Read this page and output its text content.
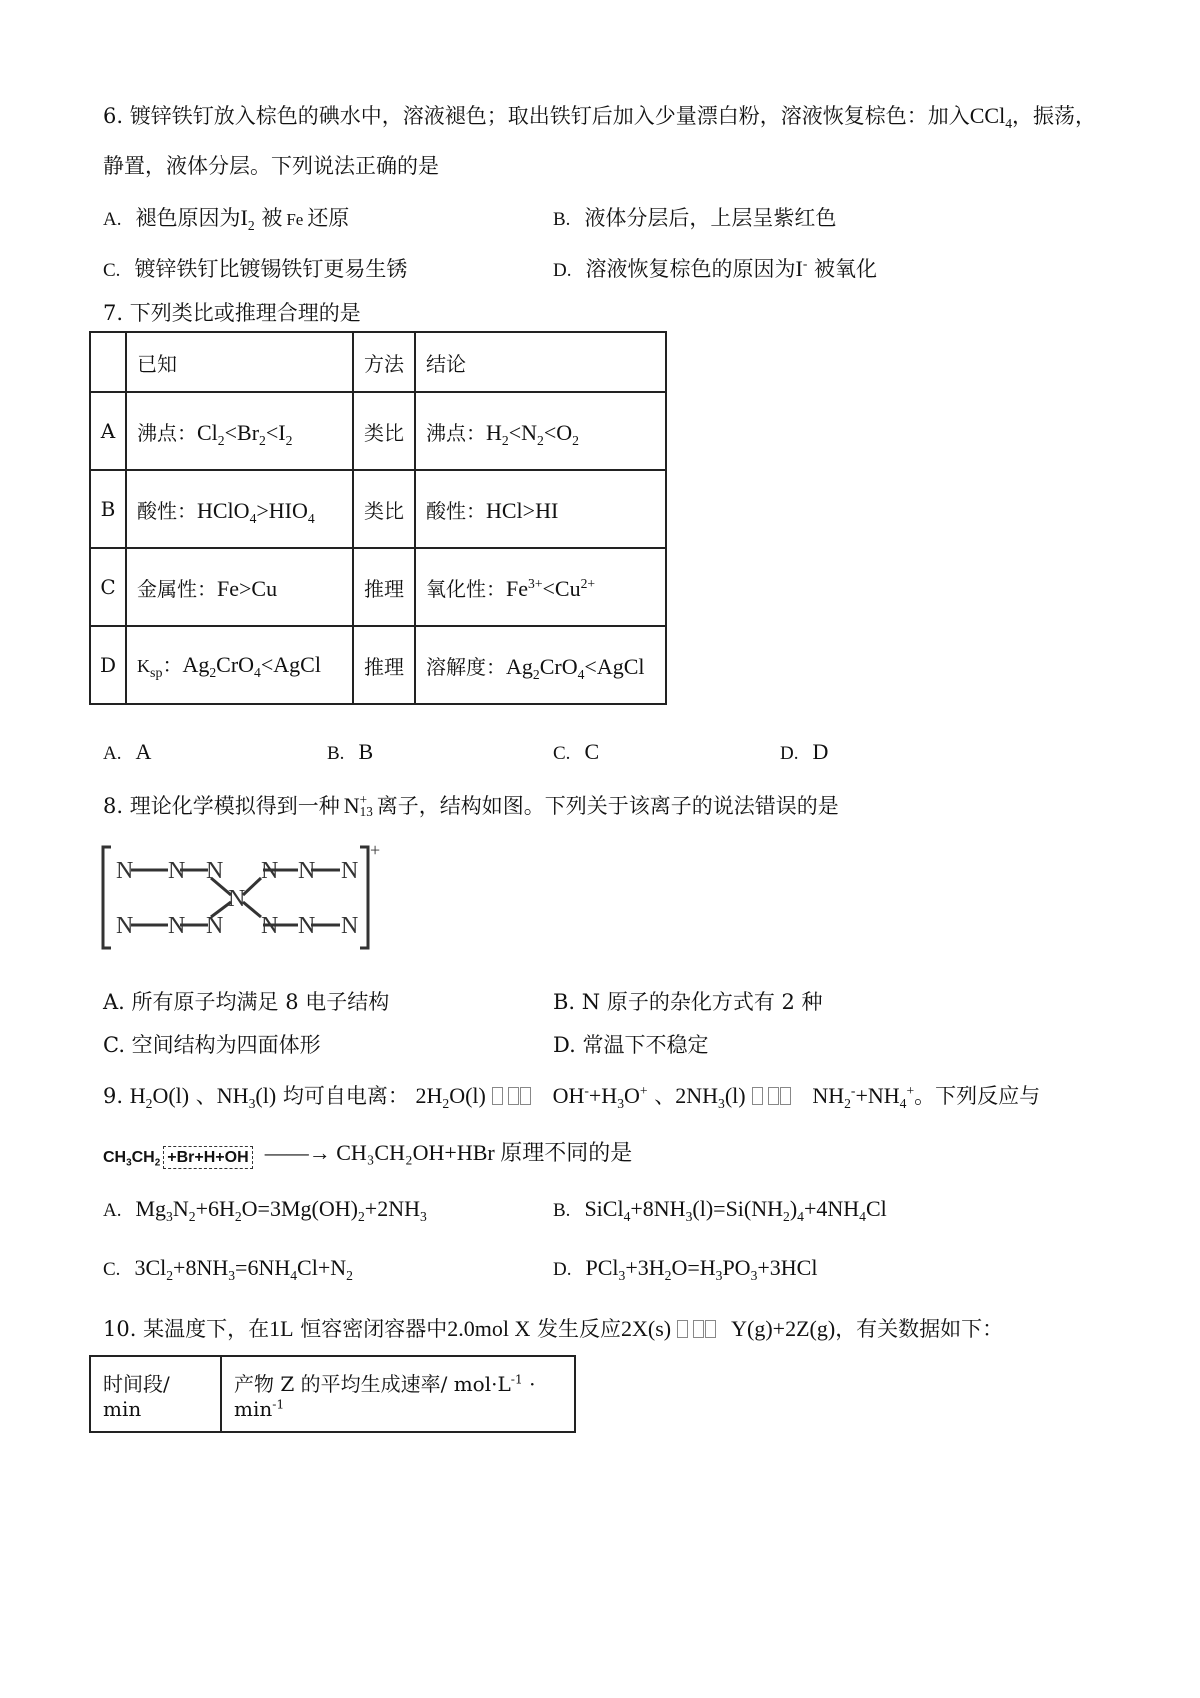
6. 镀锌铁钉放入棕色的碘水中，溶液褪色；取出铁钉后加入少量漂白粉，溶液恢复棕色：加入CCl$_4$，振荡，
静置，液体分层。下列说法正确的是
A. 褪色原因为$I_2$ 被 Fe 还原	B. 液体分层后，上层呈紫红色
C. 镀锌铁钉比镀锡铁钉更易生锈	D. 溶液恢复棕色的原因为I- 被氧化
7. 下列类比或推理合理的是
	已知	方法	结论
A	沸点：$Cl_2<Br_2<I_2$	类比	沸点：$H_2<N_2<O_2$
B	酸性：$HClO_4>HIO_4$	类比	酸性：HCl>HI
C	金属性：Fe>Cu	推理	氧化性：$Fe^{3+}<Cu^{2+}$
D	$K_{sp}$：$Ag_2CrO_4<AgCl$	推理	溶解度：$Ag_2CrO_4<AgCl$
A. A	B. B	C. C	D. D
8. 理论化学模拟得到一种 N +
13 离子，结构如图。下列关于该离子的说法错误的是
N N N
N N N
N
N N N
N N N
+
A. 所有原子均满足 8 电子结构	B. N 原子的杂化方式有 2 种
C. 空间结构为四面体形	D. 常温下不稳定
9. $H_2O(l)$ 、$NH_3(l)$ 均可自电离： $2H_2O(l)$	$OH^-+H_3O^+$ 、$2NH_3(l)$	$NH_2^-+NH_4^+$。下列反应与
$CH_3CH_2 +Br+H+OH$ ——→ CH₃CH₂OH+HBr 原理不同的是
A. $Mg_3N_2+6H_2O=3Mg(OH)_2+2NH_3$	B. $SiCl_4+8NH_3(l)=Si(NH_2)_4+4NH_4Cl$
C. $3Cl_2+8NH_3=6NH_4Cl+N_2$	D. $PCl_3+3H_2O=H_3PO_3+3HCl$
10. 某温度下，在1L 恒容密闭容器中2.0mol X 发生反应2X(s)	Y(g)+2Z(g)，有关数据如下：
时间段/ min	产物 Z 的平均生成速率/ $mol\cdot L^{-1} \cdot \min^{-1}$
